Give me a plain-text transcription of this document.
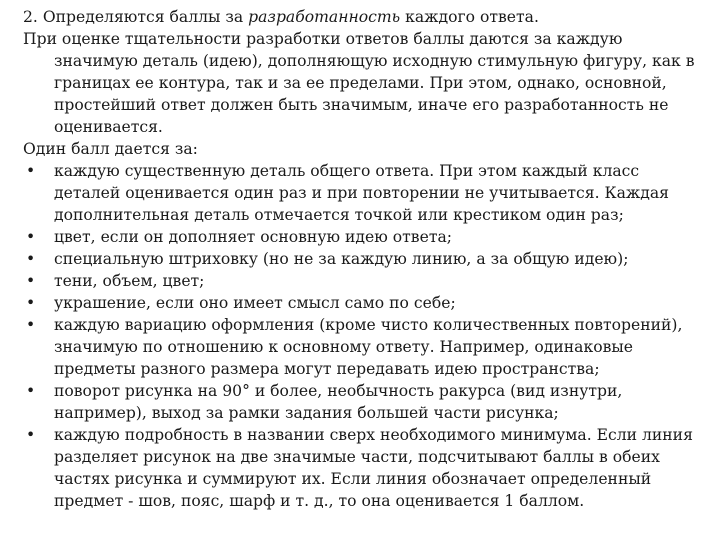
2. Определяются баллы за разработанность каждого ответа.

При оценке тщательности разработки ответов баллы даются за каждую значимую деталь (идею), дополняющую исходную стимульную фигуру, как в границах ее контура, так и за ее пределами. При этом, однако, основной, простейший ответ должен быть значимым, иначе его разработанность не оценивается.

Один балл дается за:

• каждую существенную деталь общего ответа. При этом каждый класс деталей оценивается один раз и при повторении не учитывается. Каждая дополнительная деталь отмечается точкой или крестиком один раз;
• цвет, если он дополняет основную идею ответа;
• специальную штриховку (но не за каждую линию, а за общую идею);
• тени, объем, цвет;
• украшение, если оно имеет смысл само по себе;
• каждую вариацию оформления (кроме чисто количественных повторений), значимую по отношению к основному ответу. Например, одинаковые предметы разного размера могут передавать идею пространства;
• поворот рисунка на 90° и более, необычность ракурса (вид изнутри, например), выход за рамки задания большей части рисунка;
• каждую подробность в названии сверх необходимого минимума. Если линия разделяет рисунок на две значимые части, подсчитывают баллы в обеих частях рисунка и суммируют их. Если линия обозначает определенный предмет - шов, пояс, шарф и т. д., то она оценивается 1 баллом.
